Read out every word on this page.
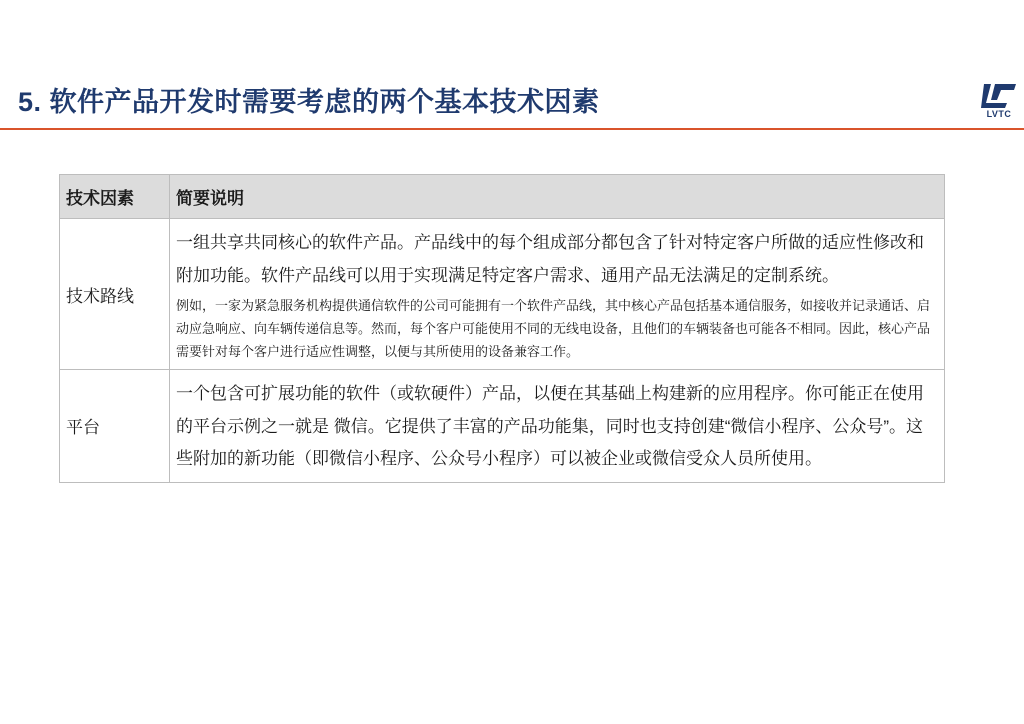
5. 软件产品开发时需要考虑的两个基本技术因素	LVTC
技术因素	简要说明
技术路线	一组共享共同核心的软件产品。产品线中的每个组成部分都包含了针对特定客户所做的适应性修改和附加功能。软件产品线可以用于实现满足特定客户需求、通用产品无法满足的定制系统。
例如，一家为紧急服务机构提供通信软件的公司可能拥有一个软件产品线，其中核心产品包括基本通信服务，如接收并记录通话、启动应急响应、向车辆传递信息等。然而，每个客户可能使用不同的无线电设备，且他们的车辆装备也可能各不相同。因此，核心产品需要针对每个客户进行适应性调整，以便与其所使用的设备兼容工作。

平台	一个包含可扩展功能的软件（或软硬件）产品，以便在其基础上构建新的应用程序。你可能正在使用的平台示例之一就是 微信。它提供了丰富的产品功能集，同时也支持创建“微信小程序、公众号”。这些附加的新功能（即微信小程序、公众号小程序）可以被企业或微信受众人员所使用。
